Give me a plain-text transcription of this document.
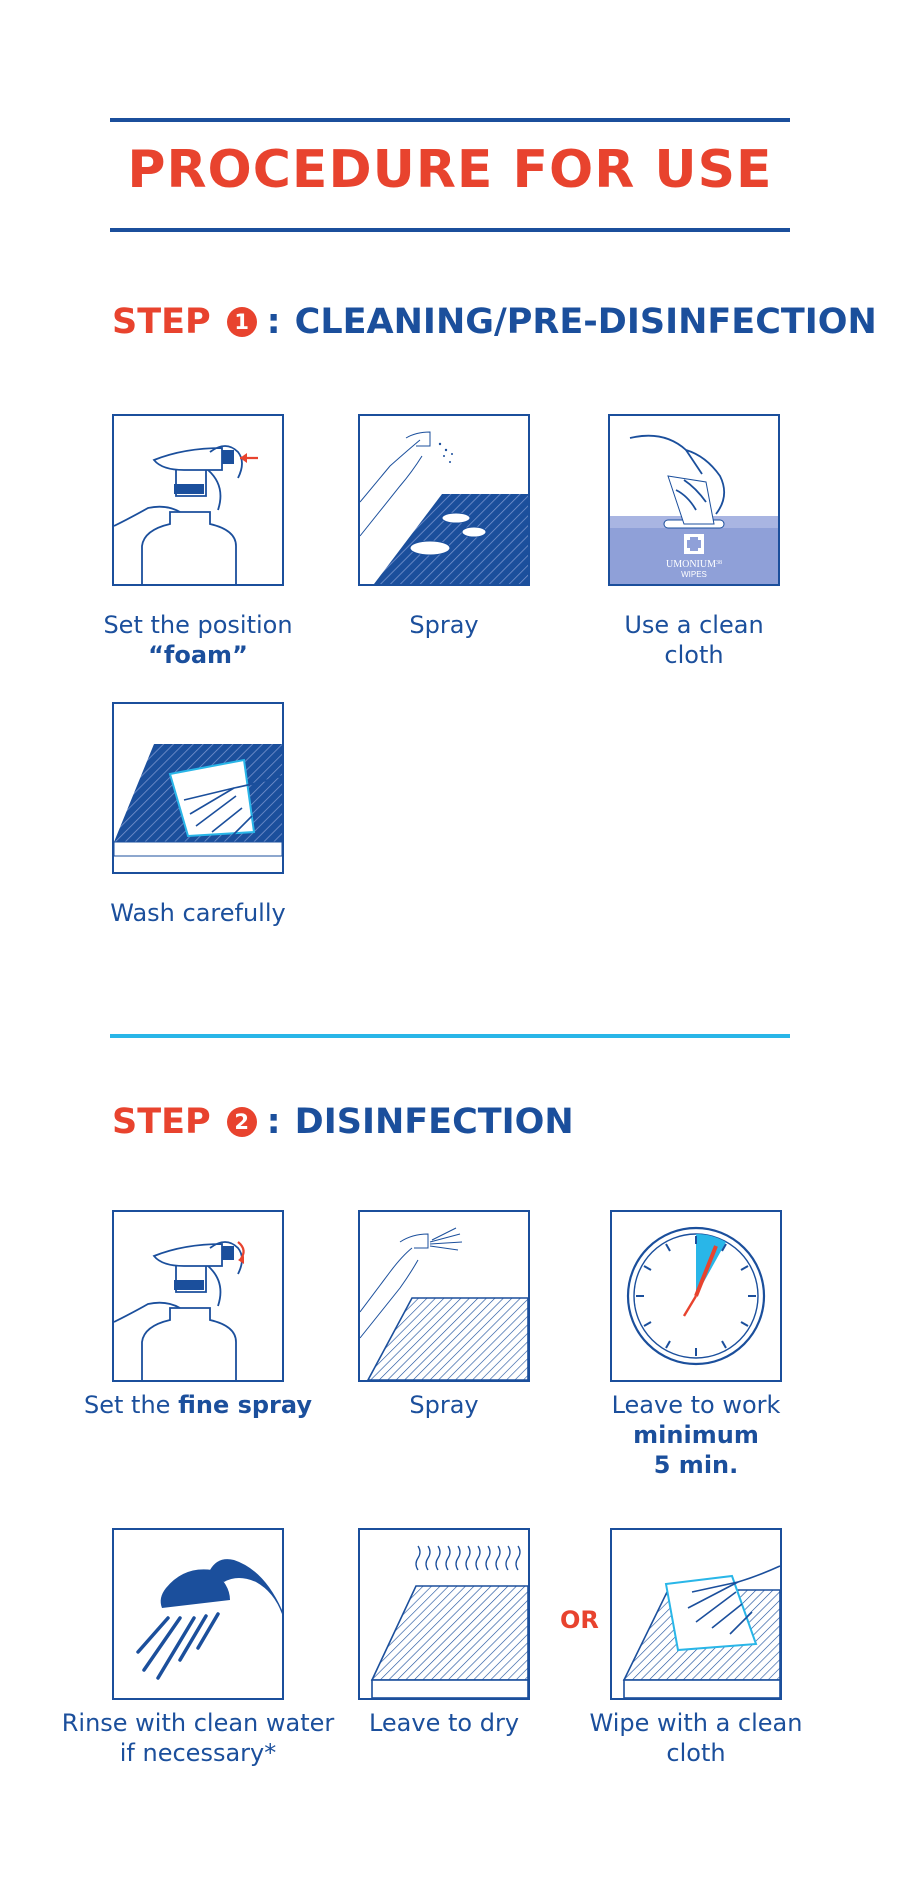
PROCEDURE FOR USE
STEP	1 : CLEANING/PRE-DISINFECTION
UMONIUM$^{38}$
WIPES
Set the position
“foam”
Spray	Use a clean
cloth
Wash carefully
STEP	2 : DISINFECTION
Set the fine spray	Spray	Leave to work
minimum
5 min.
OR
Rinse with clean water
if necessary*
Leave to dry	Wipe with a clean
cloth
